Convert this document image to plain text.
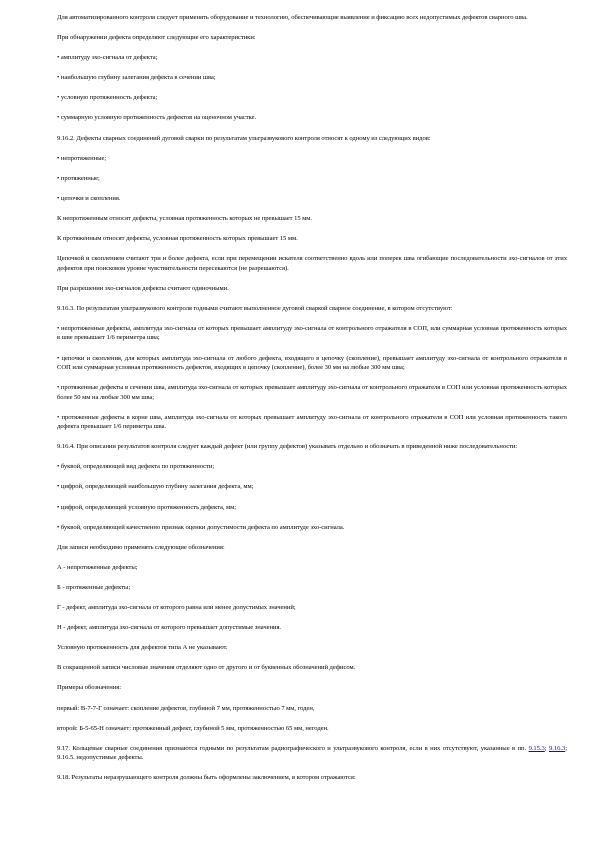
Для автоматизированного контроля следует применять оборудование и технологию, обеспечивающие выявление и фиксацию всех недопустимых дефектов сварного шва.

При обнаружении дефекта определяют следующие его характеристики:

• амплитуду эхо-сигнала от дефекта;

• наибольшую глубину залегания дефекта в сечении шва;

• условную протяженность дефекта;

• суммарную условную протяженность дефектов на оценочном участке.

9.16.2. Дефекты сварных соединений дуговой сварки по результатам ультразвукового контроля относят к одному из следующих видов:

• непротяженные;

• протяженные;

• цепочки и скопления.

К непротяженным относят дефекты, условная протяженность которых не превышает 15 мм.

К протяженным относят дефекты, условная протяженность которых превышает 15 мм.

Цепочкой и скоплением считают три и более дефекта, если при перемещении искателя соответственно вдоль или поперек шва огибающие последовательности эхо-сигналов от этих дефектов при поисковом уровне чувствительности пересекаются (не разрешаются).

При разрешении эхо-сигналов дефекты считают одиночными.

9.16.3. По результатам ультразвукового контроля годными считают выполненное дуговой сваркой сварное соединение, в котором отсутствуют:

• непротяженные дефекты, амплитуда эхо-сигнала от которых превышает амплитуду эхо-сигнала от контрольного отражателя в СОП, или суммарная условная протяженность которых в шве превышает 1/6 периметра шва;

• цепочки и скопления, для которых амплитуда эхо-сигнала от любого дефекта, входящего в цепочку (скопление), превышает амплитуду эхо-сигнала от контрольного отражателя в СОП или суммарная условная протяженность дефектов, входящих в цепочку (скопление), более 30 мм на любые 300 мм шва;

• протяженные дефекты в сечении шва, амплитуда эхо-сигнала от которых превышает амплитуду эхо-сигнала от контрольного отражателя в СОП или условная протяженность которых более 50 мм на любые 300 мм шва;

• протяженные дефекты в корне шва, амплитуда эхо-сигнала от которых превышает амплитуду эхо-сигнала от контрольного отражателя в СОП или условная протяженность такого дефекта превышает 1/6 периметра шва.

9.16.4. При описании результатов контроля следует каждый дефект (или группу дефектов) указывать отдельно и обозначать в приведенной ниже последовательности:

• буквой, определяющей вид дефекта по протяженности;

• цифрой, определяющей наибольшую глубину залегания дефекта, мм;

• цифрой, определяющей условную протяженность дефекта, мм;

• буквой, определяющей качественно признак оценки допустимости дефекта по амплитуде эхо-сигнала.

Для записи необходимо применять следующие обозначения:

А - непротяженные дефекты;

Б - протяженные дефекты;

Г - дефект, амплитуда эхо-сигнала от которого равна или менее допустимых значений;

Н - дефект, амплитуда эхо-сигнала от которого превышает допустимые значения.

Условную протяженность для дефектов типа А не указывают.

В сокращенной записи числовые значения отделяют одно от другого и от буквенных обозначений дефисом.

Примеры обозначения:

первый: В-7-7-Г означает: скопление дефектов, глубиной 7 мм, протяженностью 7 мм, годен,

второй: Б-5-65-Н означает: протяженный дефект, глубиной 5 мм, протяженностью 65 мм, негоден.

9.17. Кольцевые сварные соединения признаются годными по результатам радиографического и ультразвукового контроля, если в них отсутствуют, указанные в пп. 9.15.3; 9.16.3; 9.16.5. недопустимые дефекты.

9.18. Результаты неразрушающего контроля должны быть оформлены заключением, в котором отражаются:
